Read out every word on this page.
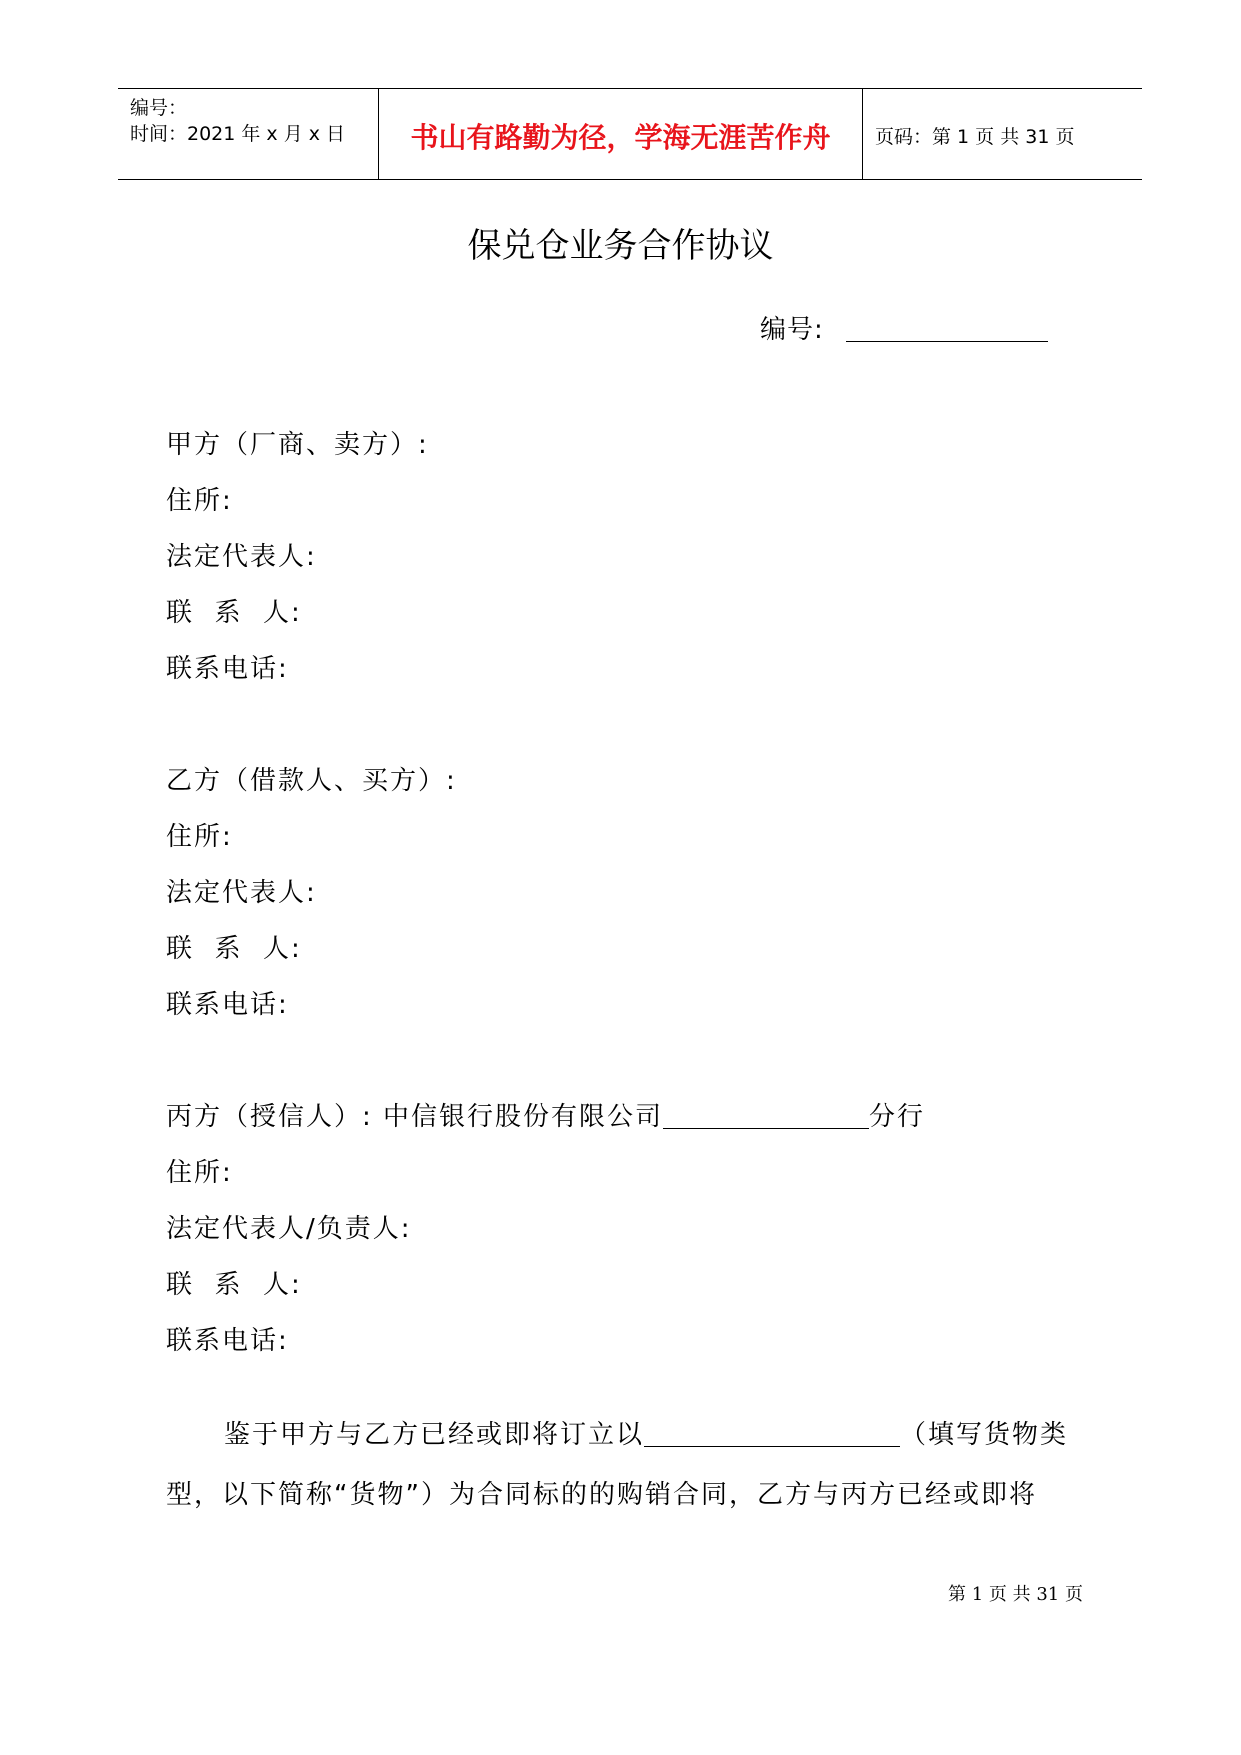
编号：
时间：2021 年 x 月 x 日	书山有路勤为径，学海无涯苦作舟	页码：第 1 页 共 31 页
保兑仓业务合作协议
编号:
甲方（厂商、卖方）:
住所:
法定代表人:
联  系  人:
联系电话:
乙方（借款人、买方）:
住所:
法定代表人:
联  系  人:
联系电话:
丙方（授信人）: 中信银行股份有限公司	分行
住所:
法定代表人/负责人:
联  系  人:
联系电话:
鉴于甲方与乙方已经或即将订立以	（填写货物类
型，以下简称“货物”）为合同标的的购销合同，乙方与丙方已经或即将
第 1 页 共 31 页
